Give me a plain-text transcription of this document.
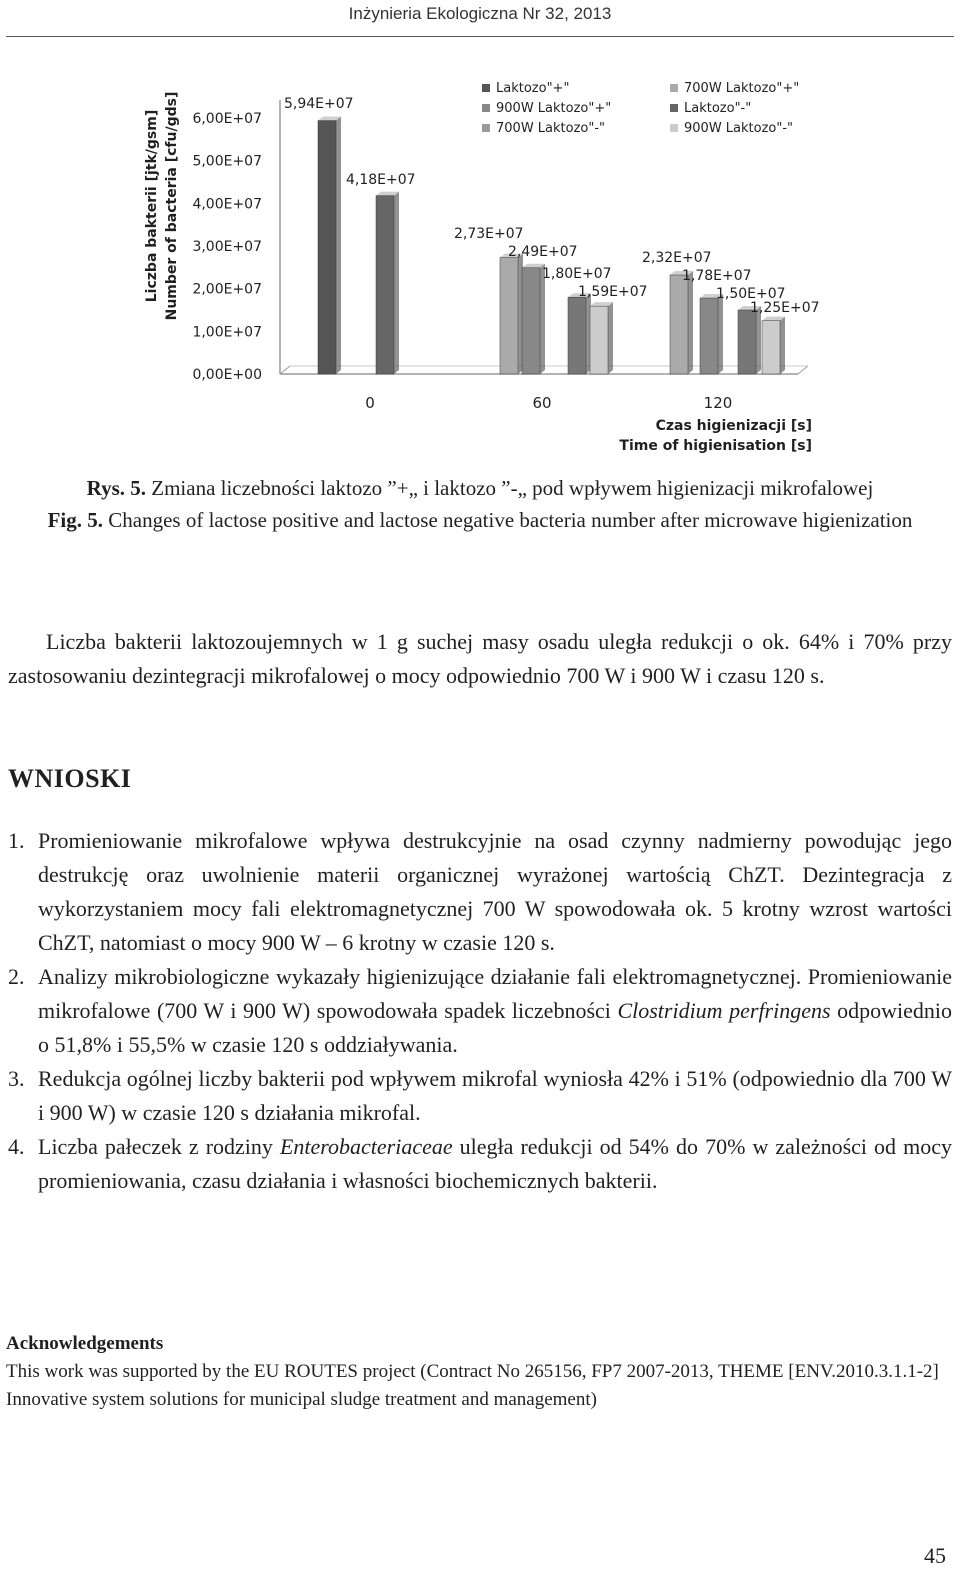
Inżynieria Ekologiczna Nr 32, 2013
Liczba bakterii [jtk/gsm] Number of bacteria [cfu/gds] 6,00E+07
5,00E+07
4,00E+07
3,00E+07
2,00E+07
1,00E+07
0,00E+00
5,94E+07
4,18E+07
0
2,73E+07
2,49E+07
1,80E+07
1,59E+07
60
2,32E+07
1,78E+07
1,50E+07
1,25E+07
120
Czas higienizacji [s]
Time of higienisation [s]
Laktozo"+"	700W Laktozo"+"
900W Laktozo"+"	Laktozo"-"
700W Laktozo"-"	900W Laktozo"-"
Rys. 5. Zmiana liczebności laktozo ”+„ i laktozo ”-„ pod wpływem higienizacji mikrofalowej
Fig. 5. Changes of lactose positive and lactose negative bacteria number after microwave higienization
Liczba bakterii laktozoujemnych w 1 g suchej masy osadu uległa redukcji o ok. 64% i 70% przy zastosowaniu dezintegracji mikrofalowej o mocy odpowiednio 700 W i 900 W i czasu 120 s.
WNIOSKI
1. Promieniowanie mikrofalowe wpływa destrukcyjnie na osad czynny nadmierny powodując jego destrukcję oraz uwolnienie materii organicznej wyrażonej wartością ChZT. Dezintegracja z wykorzystaniem mocy fali elektromagnetycznej 700 W spowodowała ok. 5 krotny wzrost wartości ChZT, natomiast o mocy 900 W – 6 krotny w czasie 120 s.
2. Analizy mikrobiologiczne wykazały higienizujące działanie fali elektromagnetycznej. Promieniowanie mikrofalowe (700 W i 900 W) spowodowała spadek liczebności Clostridium perfringens odpowiednio o 51,8% i 55,5% w czasie 120 s oddziaływania.
3. Redukcja ogólnej liczby bakterii pod wpływem mikrofal wyniosła 42% i 51% (odpowiednio dla 700 W i 900 W) w czasie 120 s działania mikrofal.
4. Liczba pałeczek z rodziny Enterobacteriaceae uległa redukcji od 54% do 70% w zależności od mocy promieniowania, czasu działania i własności biochemicznych bakterii.
Acknowledgements
This work was supported by the EU ROUTES project (Contract No 265156, FP7 2007-2013, THEME [ENV.2010.3.1.1-2] Innovative system solutions for municipal sludge treatment and management)
45
